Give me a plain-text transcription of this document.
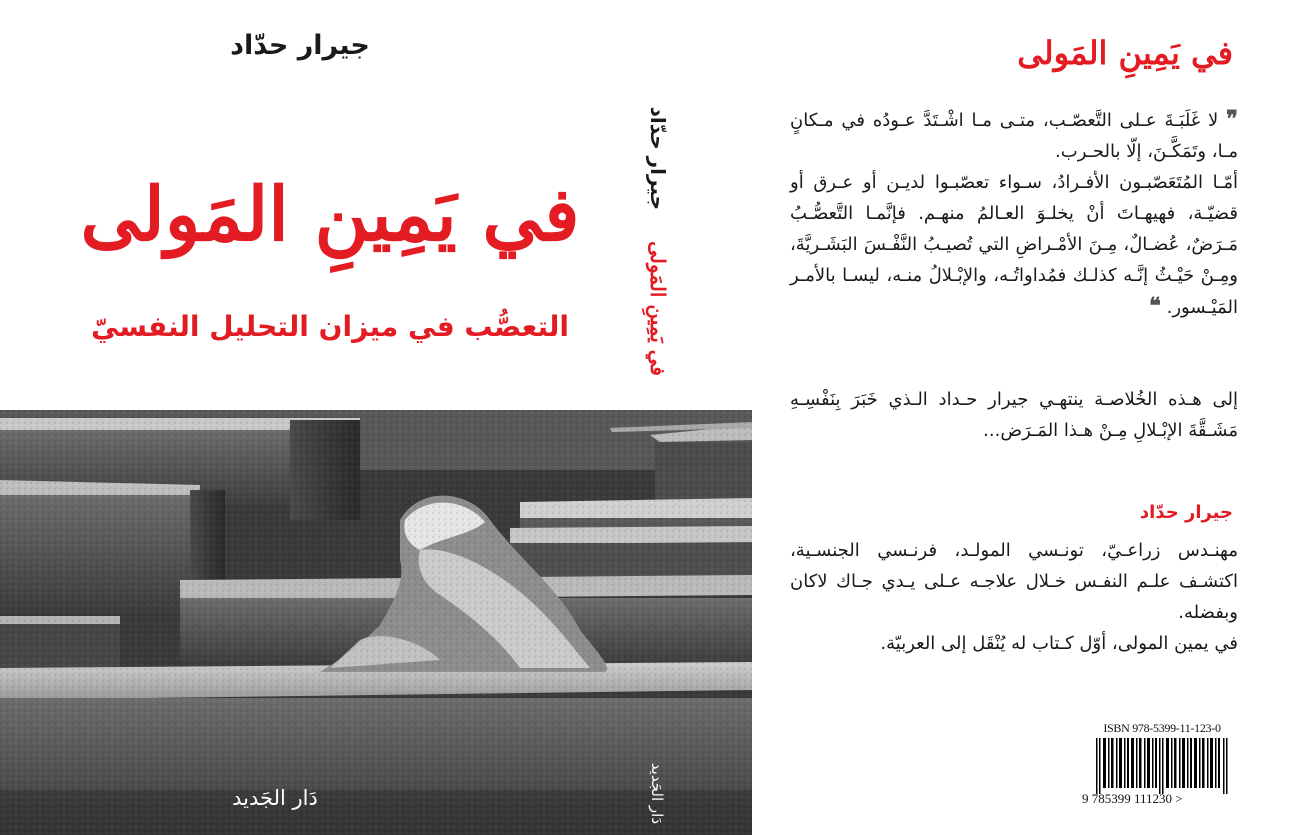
جيرار حدّاد
في يَمِينِ المَولى
التعصُّب في ميزان التحليل النفسيّ
دَار الجَديد
جيرار حدّاد
في يَمِينِ المَولى
دَار الجَديد
في يَمِينِ المَولى

❞ لا غَلَبَـةَ عـلى التَّعصّـب، متـى مـا اشْـتَدَّ عـودُه في مـكانٍ مـا، وتَمَكَّـنَ، إلّا بالحـرب.

أمّـا المُتَعَصّبـون الأفـرادُ، سـواء تعصّبـوا لديـن أو عـرق أو قضيّـة، فهيهـاتَ أنْ يخلـوَ العـالمُ منهـم. فإنَّمـا التَّعصُّـبُ مَـرَضٌ، عُضـالٌ، مِـنَ الأمْـراضِ التي تُصيـبُ النَّفْـسَ البَشَـريَّةَ، ومِـنْ حَيْـثُ إنَّـه كذلـك فمُداواتُـه، والإبْـلالُ منـه، ليسـا بالأمـر المَيْـسور. ❝

إلى هـذه الخُلاصـة ينتهـي جيرار حـداد الـذي خَبَرَ بِنَفْسِـهِ مَشَـقَّةَ الإبْـلالِ مِـنْ هـذا المَـرَض...

جيرار حدّاد

مهنـدس زراعـيّ، تونـسي المولـد، فرنـسي الجنسـية، اكتشـف علـم النفـس خـلال علاجـه عـلى يـدي جـاك لاكان وبفضله.

في يمين المولى، أوّل كـتاب له يُنْقَل إلى العربيّة.

ISBN 978-5399-11-123-0
9 785399 111230 >
